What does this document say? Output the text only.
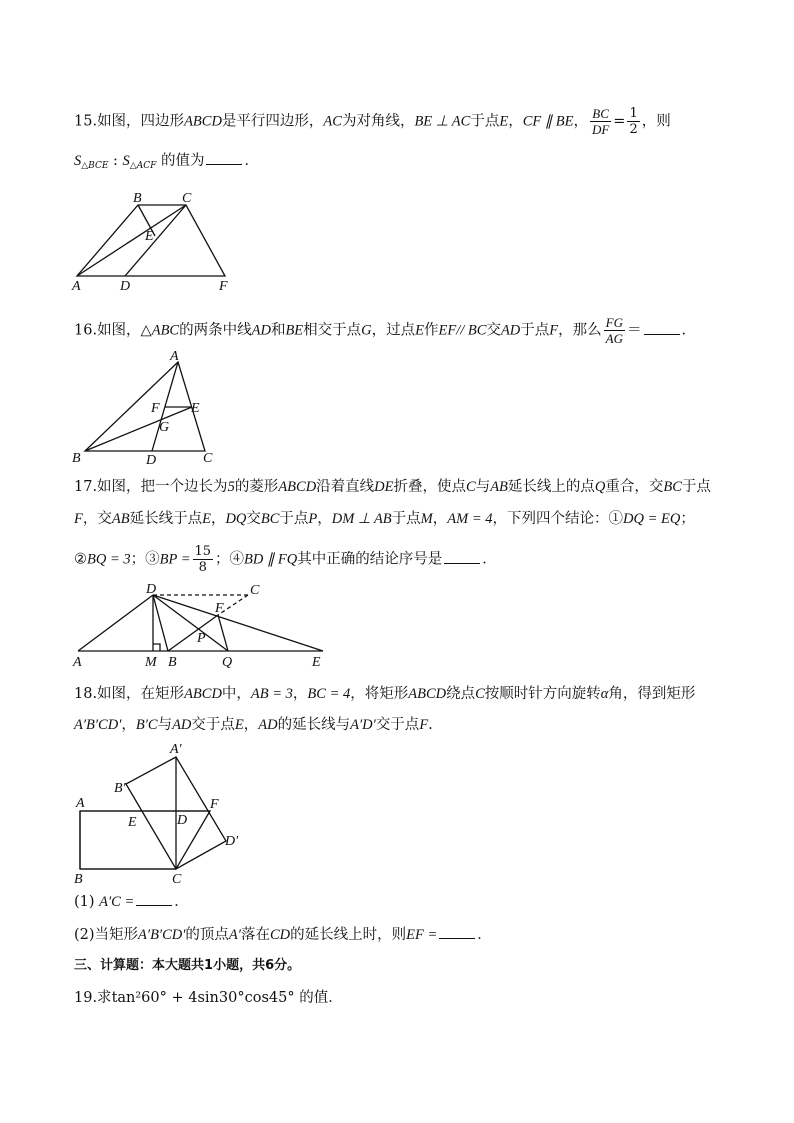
15.如图，四边形ABCD是平行四边形，AC为对角线，BE ⊥ AC于点E，CF ∥ BE， $\frac{BC}{DF} = \frac{1}{2}$ ，则
$S_{\triangle BCE}$ : $S_{\triangle ACF}$ 的值为	．
B	C
E
A	D	F
16.如图，△ABC的两条中线AD和BE相交于点G，过点E作EF// BC交AD于点F，那么 $\frac{FG}{AG}$ ＝	．
A
F E
G
B	D	C
17.如图，把一个边长为5的菱形ABCD沿着直线DE折叠，使点C与AB延长线上的点Q重合，交BC于点
F，交AB延长线于点E，DQ交BC于点P，DM ⊥ AB于点M，AM = 4，下列四个结论：①DQ = EQ；
②BQ = 3；③BP = $\frac{15}{8}$ ；④BD ∥ FQ其中正确的结论序号是	．
D	C
F
P
A	M B	Q	E
18.如图，在矩形ABCD中，AB = 3，BC = 4，将矩形ABCD绕点C按顺时针方向旋转α角，得到矩形
A′B′CD′，B′C与AD交于点E，AD的延长线与A′D′交于点F.
A′
B′
A	F
E	D
D′
B	C
(1) A′C =	．
(2)当矩形A′B′CD′的顶点A′落在CD的延长线上时，则EF =	．
三、计算题：本大题共1小题，共6分。
19.求tan²60° + 4sin30°cos45° 的值．
